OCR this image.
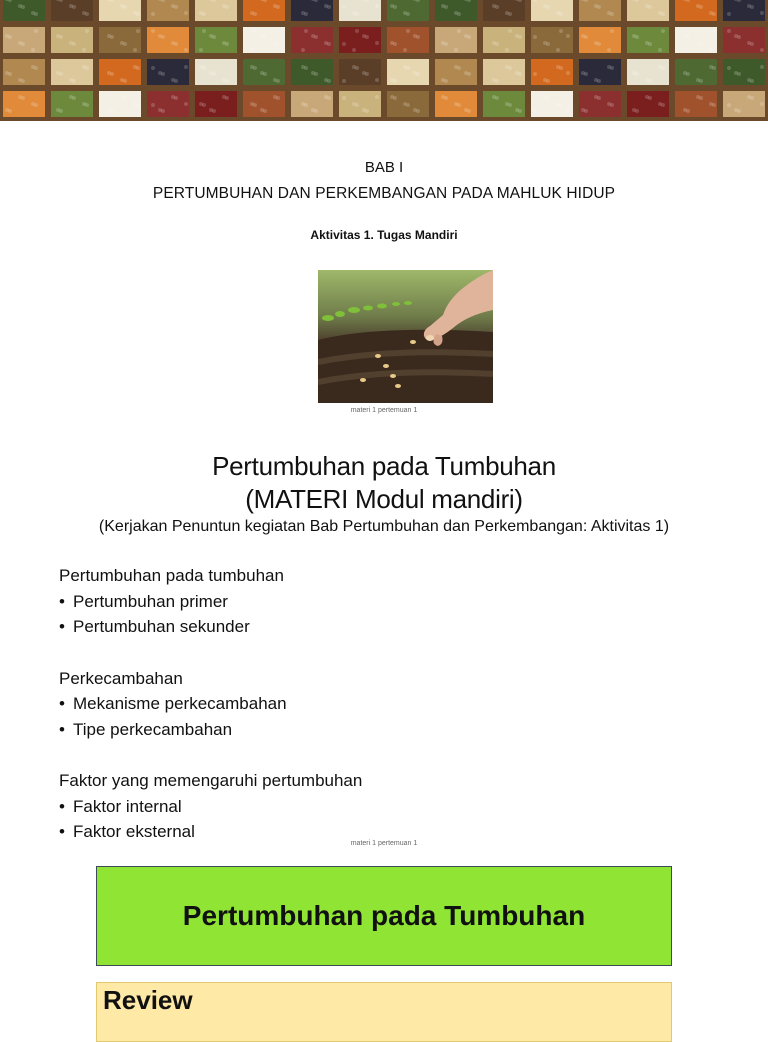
BAB I
PERTUMBUHAN DAN PERKEMBANGAN PADA MAHLUK HIDUP
Aktivitas 1. Tugas Mandiri
materi 1 pertemuan 1
Pertumbuhan pada Tumbuhan
(MATERI Modul mandiri)
(Kerjakan Penuntun kegiatan Bab Pertumbuhan dan Perkembangan: Aktivitas 1)
Pertumbuhan pada tumbuhan
• Pertumbuhan primer
• Pertumbuhan sekunder
Perkecambahan
• Mekanisme perkecambahan
• Tipe perkecambahan
Faktor yang memengaruhi pertumbuhan
• Faktor internal
• Faktor eksternal
materi 1 pertemuan 1
Pertumbuhan pada Tumbuhan
Review
